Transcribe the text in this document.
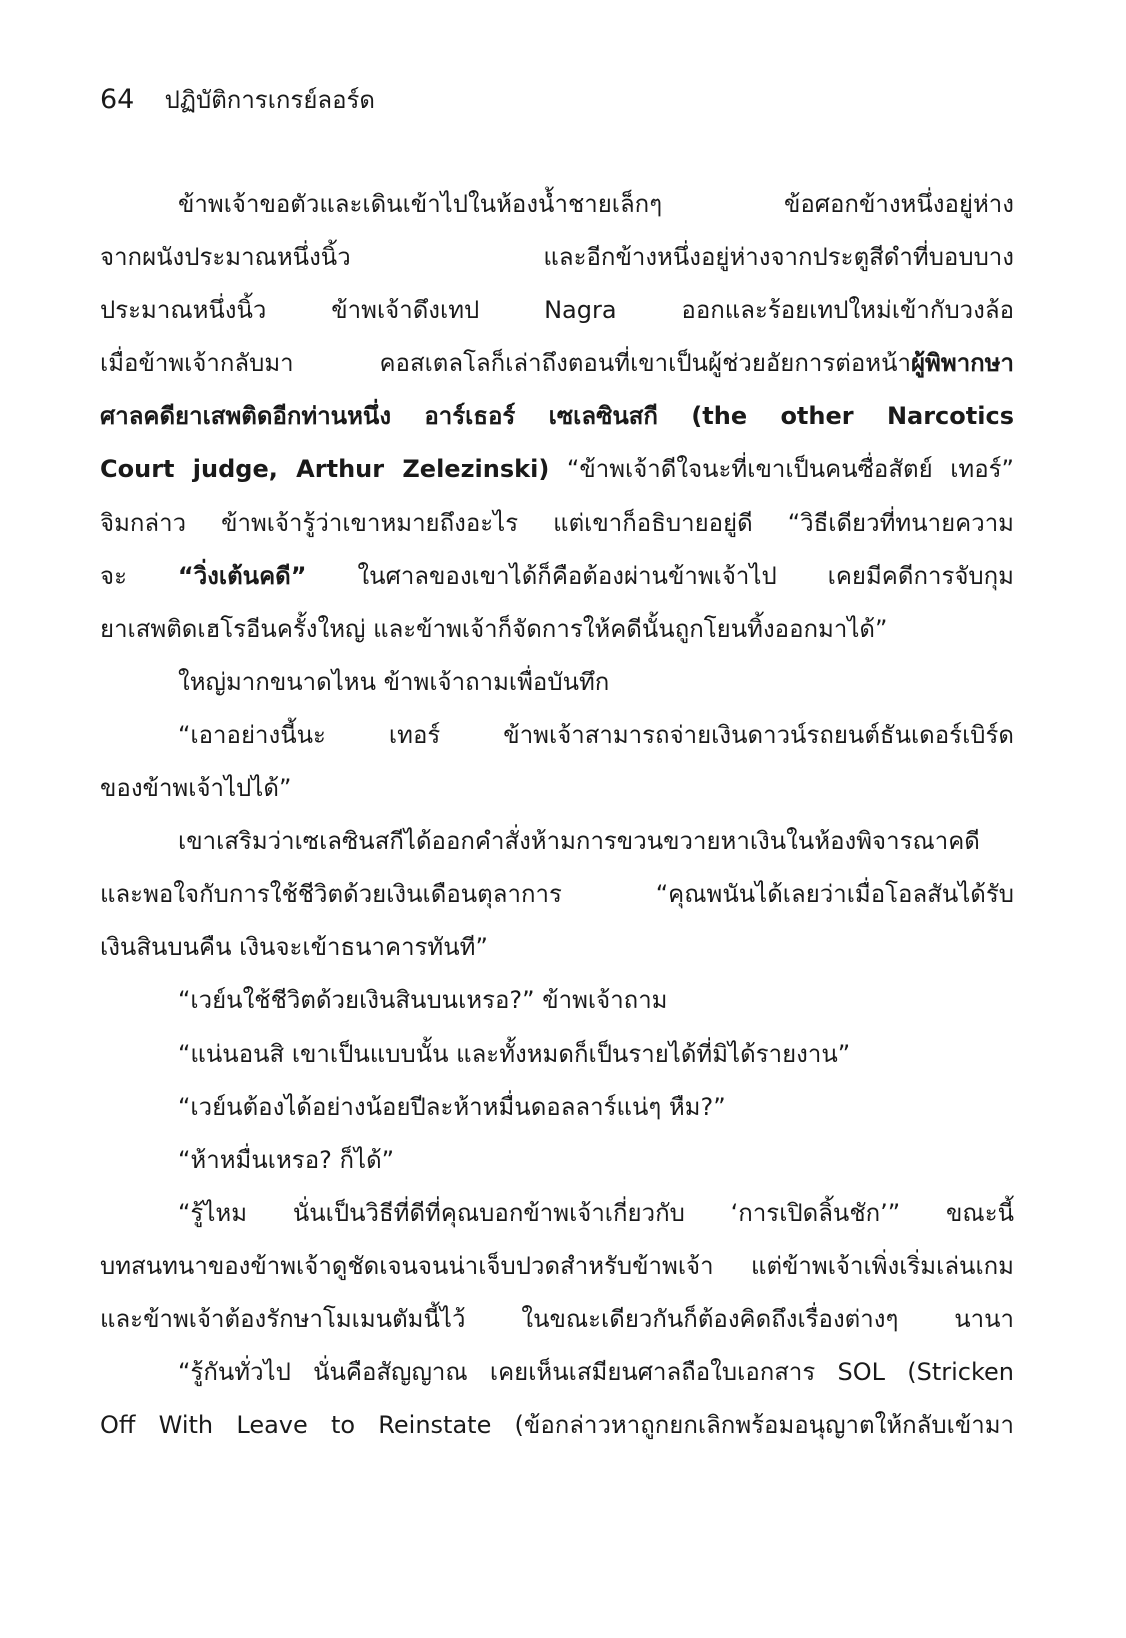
64 ปฏิบัติการเกรย์ลอร์ด
ข้าพเจ้าขอตัวและเดินเข้าไปในห้องน้ำชายเล็กๆ ข้อศอกข้างหนึ่งอยู่ห่าง
จากผนังประมาณหนึ่งนิ้ว และอีกข้างหนึ่งอยู่ห่างจากประตูสีดำที่บอบบาง
ประมาณหนึ่งนิ้ว ข้าพเจ้าดึงเทป Nagra ออกและร้อยเทปใหม่เข้ากับวงล้อ
เมื่อข้าพเจ้ากลับมา คอสเตลโลก็เล่าถึงตอนที่เขาเป็นผู้ช่วยอัยการต่อหน้าผู้พิพากษา
ศาลคดียาเสพติดอีกท่านหนึ่ง อาร์เธอร์ เซเลซินสกี (the other Narcotics
Court judge, Arthur Zelezinski) “ข้าพเจ้าดีใจนะที่เขาเป็นคนซื่อสัตย์ เทอร์”
จิมกล่าว ข้าพเจ้ารู้ว่าเขาหมายถึงอะไร แต่เขาก็อธิบายอยู่ดี “วิธีเดียวที่ทนายความ
จะ “วิ่งเต้นคดี” ในศาลของเขาได้ก็คือต้องผ่านข้าพเจ้าไป เคยมีคดีการจับกุม
ยาเสพติดเฮโรอีนครั้งใหญ่ และข้าพเจ้าก็จัดการให้คดีนั้นถูกโยนทิ้งออกมาได้”
ใหญ่มากขนาดไหน ข้าพเจ้าถามเพื่อบันทึก
“เอาอย่างนี้นะ เทอร์ ข้าพเจ้าสามารถจ่ายเงินดาวน์รถยนต์ธันเดอร์เบิร์ด
ของข้าพเจ้าไปได้”
เขาเสริมว่าเซเลซินสกีได้ออกคำสั่งห้ามการขวนขวายหาเงินในห้องพิจารณาคดี
และพอใจกับการใช้ชีวิตด้วยเงินเดือนตุลาการ “คุณพนันได้เลยว่าเมื่อโอลสันได้รับ
เงินสินบนคืน เงินจะเข้าธนาคารทันที”
“เวย์นใช้ชีวิตด้วยเงินสินบนเหรอ?” ข้าพเจ้าถาม
“แน่นอนสิ เขาเป็นแบบนั้น และทั้งหมดก็เป็นรายได้ที่มิได้รายงาน”
“เวย์นต้องได้อย่างน้อยปีละห้าหมื่นดอลลาร์แน่ๆ หืม?”
“ห้าหมื่นเหรอ? ก็ได้”
“รู้ไหม นั่นเป็นวิธีที่ดีที่คุณบอกข้าพเจ้าเกี่ยวกับ ‘การเปิดลิ้นชัก’” ขณะนี้
บทสนทนาของข้าพเจ้าดูชัดเจนจนน่าเจ็บปวดสำหรับข้าพเจ้า แต่ข้าพเจ้าเพิ่งเริ่มเล่นเกม
และข้าพเจ้าต้องรักษาโมเมนตัมนี้ไว้ ในขณะเดียวกันก็ต้องคิดถึงเรื่องต่างๆ นานา
“รู้กันทั่วไป นั่นคือสัญญาณ เคยเห็นเสมียนศาลถือใบเอกสาร SOL (Stricken
Off With Leave to Reinstate (ข้อกล่าวหาถูกยกเลิกพร้อมอนุญาตให้กลับเข้ามา
